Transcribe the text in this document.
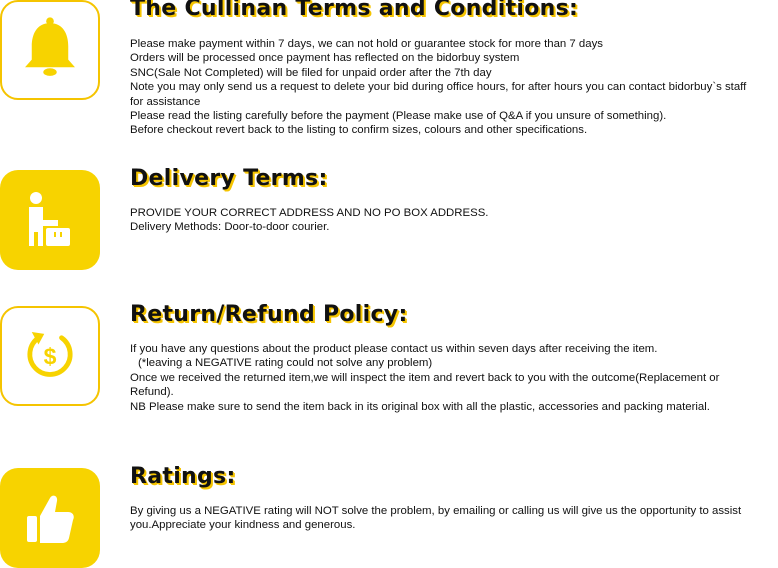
The Cullinan Terms and Conditions:
Please make payment within 7 days, we can not hold or guarantee stock for more than 7 days
Orders will be processed once payment has reflected on the bidorbuy system
SNC(Sale Not Completed) will be filed for unpaid order after the 7th day
Note you may only send us a request to delete your bid during office hours, for after hours you can contact bidorbuy`s staff for assistance
Please read the listing carefully before the payment (Please make use of Q&A if you unsure of something).
Before checkout revert back to the listing to confirm sizes, colours and other specifications.
Delivery Terms:
PROVIDE YOUR CORRECT ADDRESS AND NO PO BOX ADDRESS.
Delivery Methods: Door-to-door courier.
$
Return/Refund Policy:
If you have any questions about the product please contact us within seven days after receiving the item.
(*leaving a NEGATIVE rating could not solve any problem)
Once we received the returned item,we will inspect the item and revert back to you with the outcome(Replacement or Refund).
NB Please make sure to send the item back in its original box with all the plastic, accessories and packing material.
Ratings:
By giving us a NEGATIVE rating will NOT solve the problem, by emailing or calling us will give us the opportunity to assist you.Appreciate your kindness and generous.
